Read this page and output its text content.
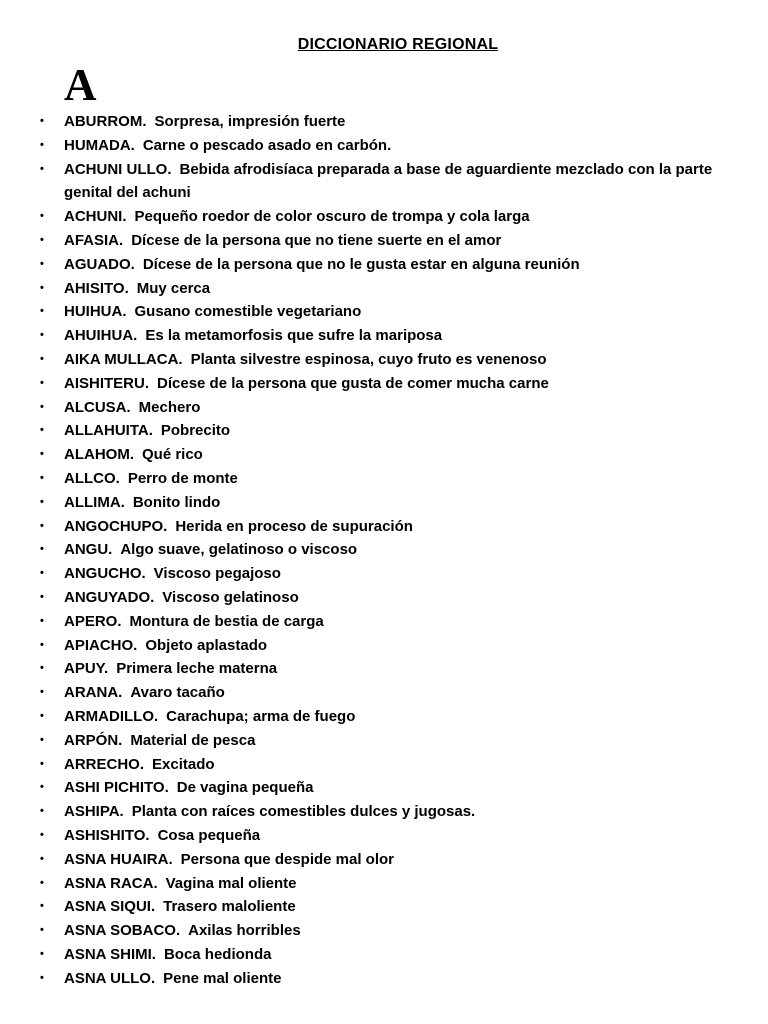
DICCIONARIO REGIONAL
A
• ABURROM. Sorpresa, impresión fuerte
• HUMADA. Carne o pescado asado en carbón.
• ACHUNI ULLO. Bebida afrodisíaca preparada a base de aguardiente mezclado con la parte genital del achuni
• ACHUNI. Pequeño roedor de color oscuro de trompa y cola larga
• AFASIA. Dícese de la persona que no tiene suerte en el amor
• AGUADO. Dícese de la persona que no le gusta estar en alguna reunión
• AHISITO. Muy cerca
• HUIHUA. Gusano comestible vegetariano
• AHUIHUA. Es la metamorfosis que sufre la mariposa
• AIKA MULLACA. Planta silvestre espinosa, cuyo fruto es venenoso
• AISHITERU. Dícese de la persona que gusta de comer mucha carne
• ALCUSA. Mechero
• ALLAHUITA. Pobrecito
• ALAHOM. Qué rico
• ALLCO. Perro de monte
• ALLIMA. Bonito lindo
• ANGOCHUPO. Herida en proceso de supuración
• ANGU. Algo suave, gelatinoso o viscoso
• ANGUCHO. Viscoso pegajoso
• ANGUYADO. Viscoso gelatinoso
• APERO. Montura de bestia de carga
• APIACHO. Objeto aplastado
• APUY. Primera leche materna
• ARANA. Avaro tacaño
• ARMADILLO. Carachupa; arma de fuego
• ARPÓN. Material de pesca
• ARRECHO. Excitado
• ASHI PICHITO. De vagina pequeña
• ASHIPA. Planta con raíces comestibles dulces y jugosas.
• ASHISHITO. Cosa pequeña
• ASNA HUAIRA. Persona que despide mal olor
• ASNA RACA. Vagina mal oliente
• ASNA SIQUI. Trasero maloliente
• ASNA SOBACO. Axilas horribles
• ASNA SHIMI. Boca hedionda
• ASNA ULLO. Pene mal oliente
